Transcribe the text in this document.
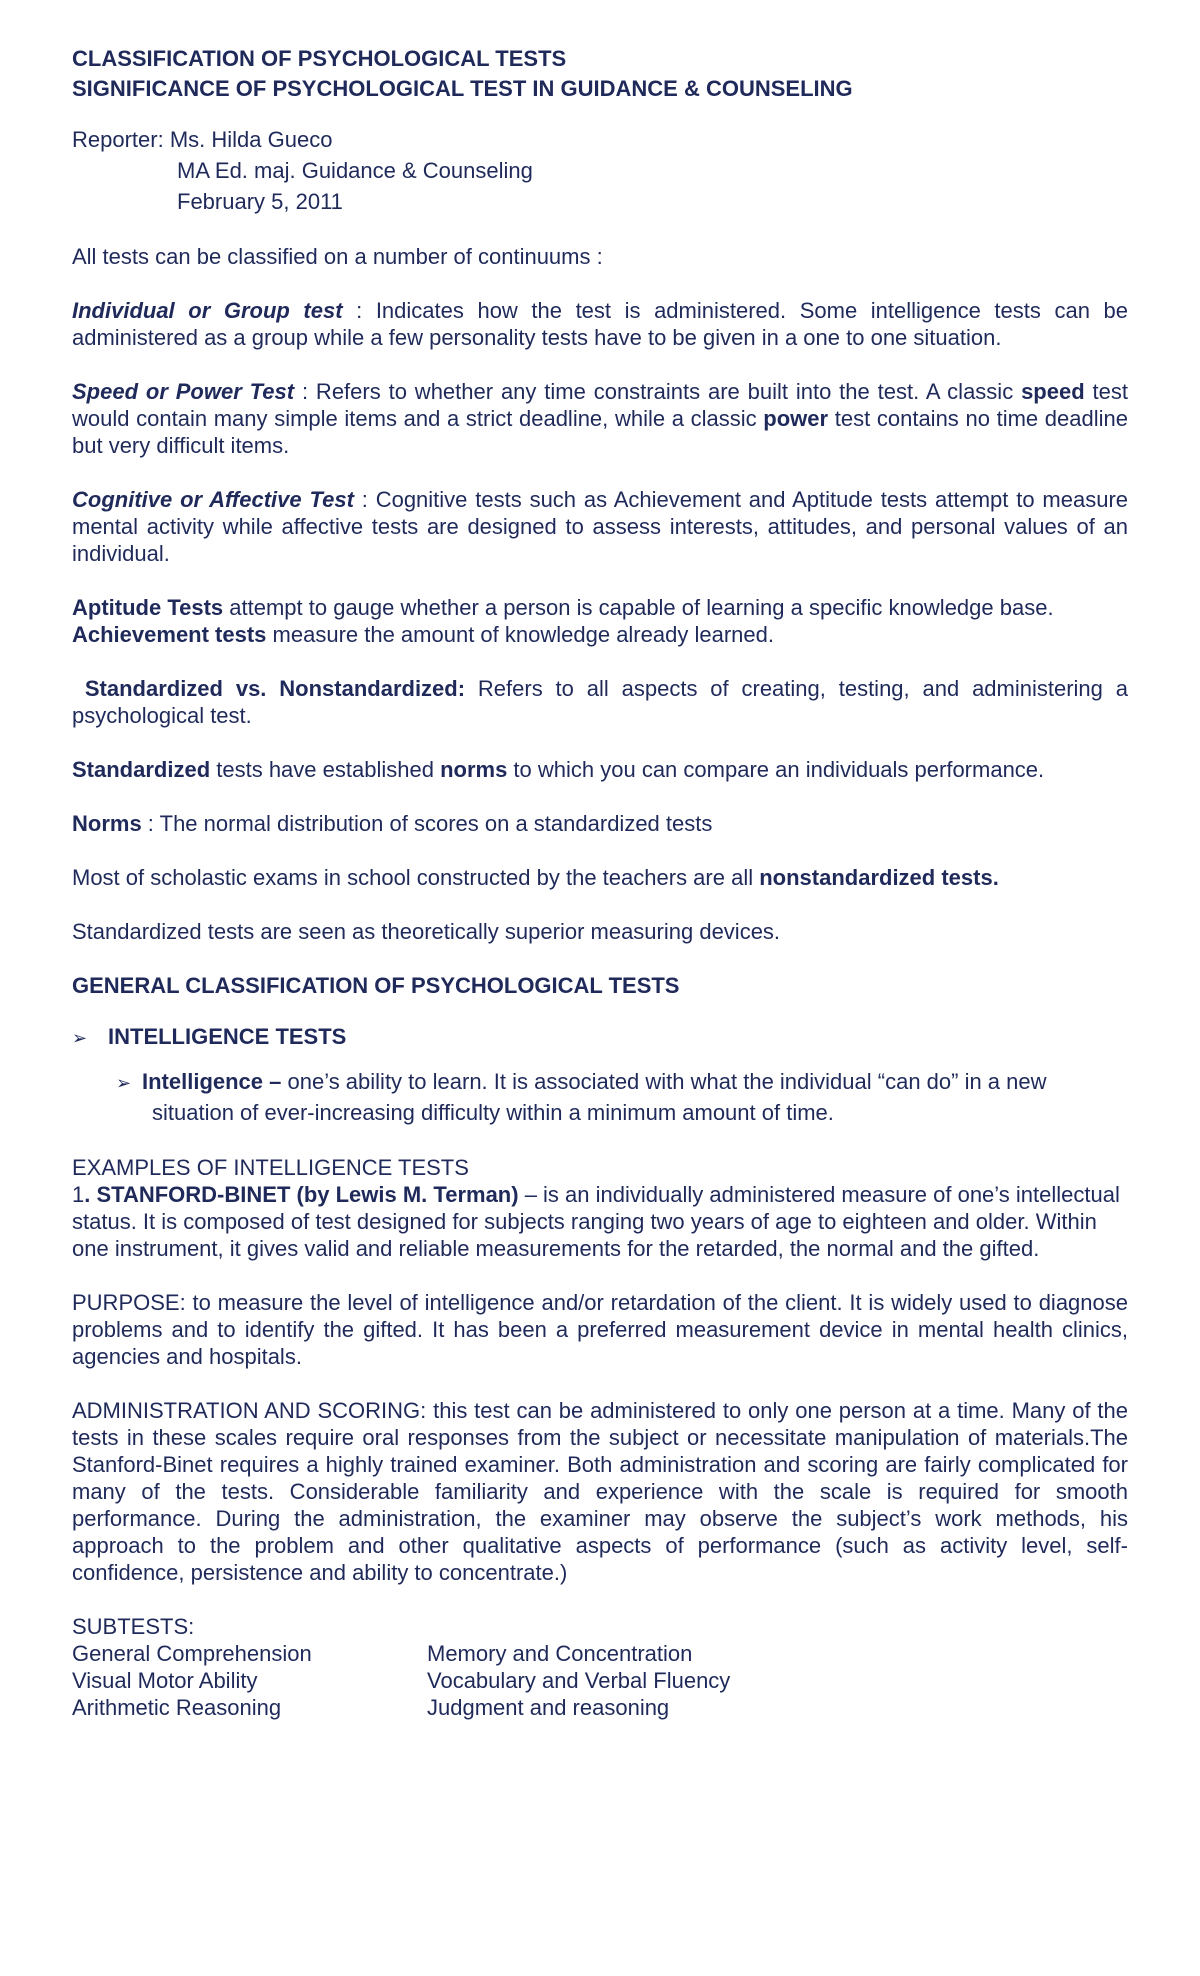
CLASSIFICATION OF PSYCHOLOGICAL TESTS

SIGNIFICANCE OF PSYCHOLOGICAL TEST IN GUIDANCE & COUNSELING

Reporter: Ms. Hilda Gueco
MA Ed. maj. Guidance & Counseling
February 5, 2011

All tests can be classified on a number of continuums :

Individual or Group test : Indicates how the test is administered. Some intelligence tests can be administered as a group while a few personality tests have to be given in a one to one situation.

Speed or Power Test : Refers to whether any time constraints are built into the test. A classic speed test would contain many simple items and a strict deadline, while a classic power test contains no time deadline but very difficult items.

Cognitive or Affective Test : Cognitive tests such as Achievement and Aptitude tests attempt to measure mental activity while affective tests are designed to assess interests, attitudes, and personal values of an individual.

Aptitude Tests attempt to gauge whether a person is capable of learning a specific knowledge base. Achievement tests measure the amount of knowledge already learned.

Standardized vs. Nonstandardized: Refers to all aspects of creating, testing, and administering a psychological test.

Standardized tests have established norms to which you can compare an individuals performance.

Norms : The normal distribution of scores on a standardized tests

Most of scholastic exams in school constructed by the teachers are all nonstandardized tests.

Standardized tests are seen as theoretically superior measuring devices.

GENERAL CLASSIFICATION OF PSYCHOLOGICAL TESTS

➢ INTELLIGENCE TESTS
➢ Intelligence – one’s ability to learn. It is associated with what the individual “can do” in a new
situation of ever-increasing difficulty within a minimum amount of time.

EXAMPLES OF INTELLIGENCE TESTS

1. STANFORD-BINET (by Lewis M. Terman) – is an individually administered measure of one’s intellectual status. It is composed of test designed for subjects ranging two years of age to eighteen and older. Within one instrument, it gives valid and reliable measurements for the retarded, the normal and the gifted.

PURPOSE: to measure the level of intelligence and/or retardation of the client. It is widely used to diagnose problems and to identify the gifted. It has been a preferred measurement device in mental health clinics, agencies and hospitals.

ADMINISTRATION AND SCORING: this test can be administered to only one person at a time. Many of the tests in these scales require oral responses from the subject or necessitate manipulation of materials.The Stanford-Binet requires a highly trained examiner. Both administration and scoring are fairly complicated for many of the tests. Considerable familiarity and experience with the scale is required for smooth performance. During the administration, the examiner may observe the subject’s work methods, his approach to the problem and other qualitative aspects of performance (such as activity level, self-confidence, persistence and ability to concentrate.)

SUBTESTS:

General Comprehension	Memory and Concentration
Visual Motor Ability	Vocabulary and Verbal Fluency
Arithmetic Reasoning	Judgment and reasoning
